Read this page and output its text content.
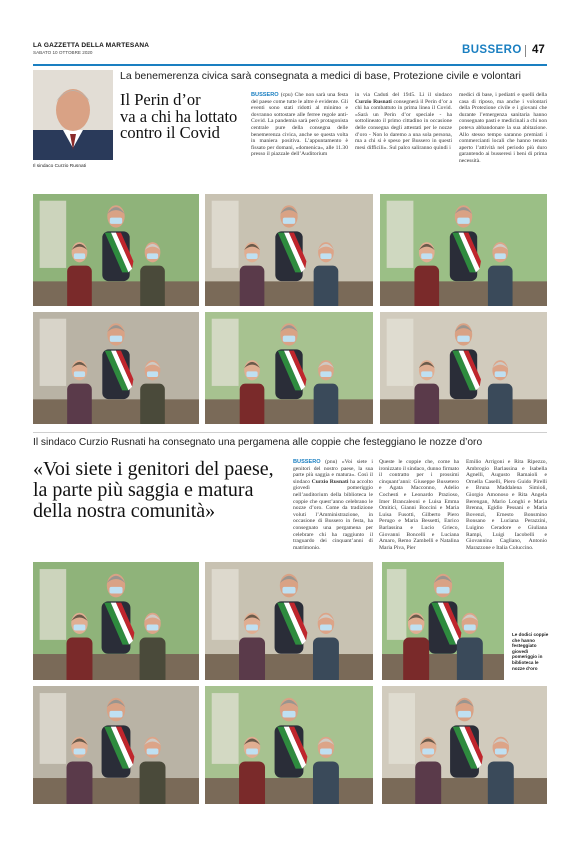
LA GAZZETTA DELLA MARTESANA
SABATO 10 OTTOBRE 2020	BUSSERO 47
Il sindaco Curzio Rusnati
La benemerenza civica sarà consegnata a medici di base, Protezione civile e volontari
Il Perin d’or
va a chi ha lottato
contro il Covid
BUSSERO (cpu) Che non sarà una festa del paese come tutte le altre è evidente. Gli eventi sono stati ridotti al minimo e dovranno sottostare alle ferree regole anti-Covid. La pandemia sarà però protagonista centrale pure della consegna delle benemerenza civica, anche se questa volta in maniera positiva. L’appuntamento è fissato per domani, «domenica», alle 11.30 presso il piazzale dell’Auditorium
in via Caduti del 1945. Lì il sindaco Curzio Rusnati consegnerà il Perin d’or a chi ha combattuto in prima linea il Covid. «Sarà un Perin d’or speciale - ha sottolineato il primo cittadino in occasione delle consegna degli attestati per le nozze d’oro - Non lo daremo a una sola persona, ma a chi si è speso per Bussero in questi mesi difficili». Sul palco saliranno quindi i
medici di base, i pediatri e quelli della casa di riposo, ma anche i volontari della Protezione civile e i giovani che durante l’emergenza sanitaria hanno consegnato pasti e medicinali a chi non poteva abbandonare la sua abitazione. Allo stesso tempo saranno premiati i commercianti locali che hanno tenuto aperto l’attività nel periodo più duro garantendo ai busseresi i beni di prima necessità.
Il sindaco Curzio Rusnati ha consegnato una pergamena alle coppie che festeggiano le nozze d’oro
«Voi siete i genitori del paese,
la parte più saggia e matura
della nostra comunità»
BUSSERO (pnu) «Voi siete i genitori del nostro paese, la sua parte più saggia e matura». Così il sindaco Curzio Rusnati ha accolto giovedì pomeriggio nell’auditorium della biblioteca le coppie che quest’anno celebrano le nozze d’oro. Come da tradizione voluti l’Amministrazione, in occasione di Bussero in festa, ha consegnato una pergamena per celebrare chi ha raggiunto il traguardo dei cinquant’anni di matrimonio.
Queste le coppie che, come ha ironizzato il sindaco, dunno firmato il contratto per i prossimi cinquant’anni: Giuseppe Bussetero e Agata Macconno, Adelio Cochesti e Leonardo Prazioso, Imer Brancaleoni e Luisa Emma Omitici, Gianni Boccini e Maria Luisa Fusotti, Gilberto Piero Perugo e Maria Bessetti, Enrico Barlassina e Lucio Grieco, Giovanni Boncelli e Luciana Amaro, Remo Zambelli e Natalina Maria Piva, Pier
Emilio Arrigoni e Rita Ripezzo, Ambrogio Barlassina e Isabella Agnelli, Augusto Ramaioli e Ornella Caselli, Piero Guido Pirelli e Bruna Maddalena Simioli, Giorgio Amonoso e Rita Angela Berengan, Mario Longhi e Maria Brenna, Egidio Pessani e Maria Bovenzi, Ernesto Bonsmino Bonsano e Luciana Perazzini, Luigino Ceradore e Giuliana Rampi, Luigi Iacobelli e Giovannina Cagliano, Antonio Marazzone e Italia Coluccino.
Le dodici coppie che hanno festeggiato giovedì pomeriggio in biblioteca le nozze d’oro
